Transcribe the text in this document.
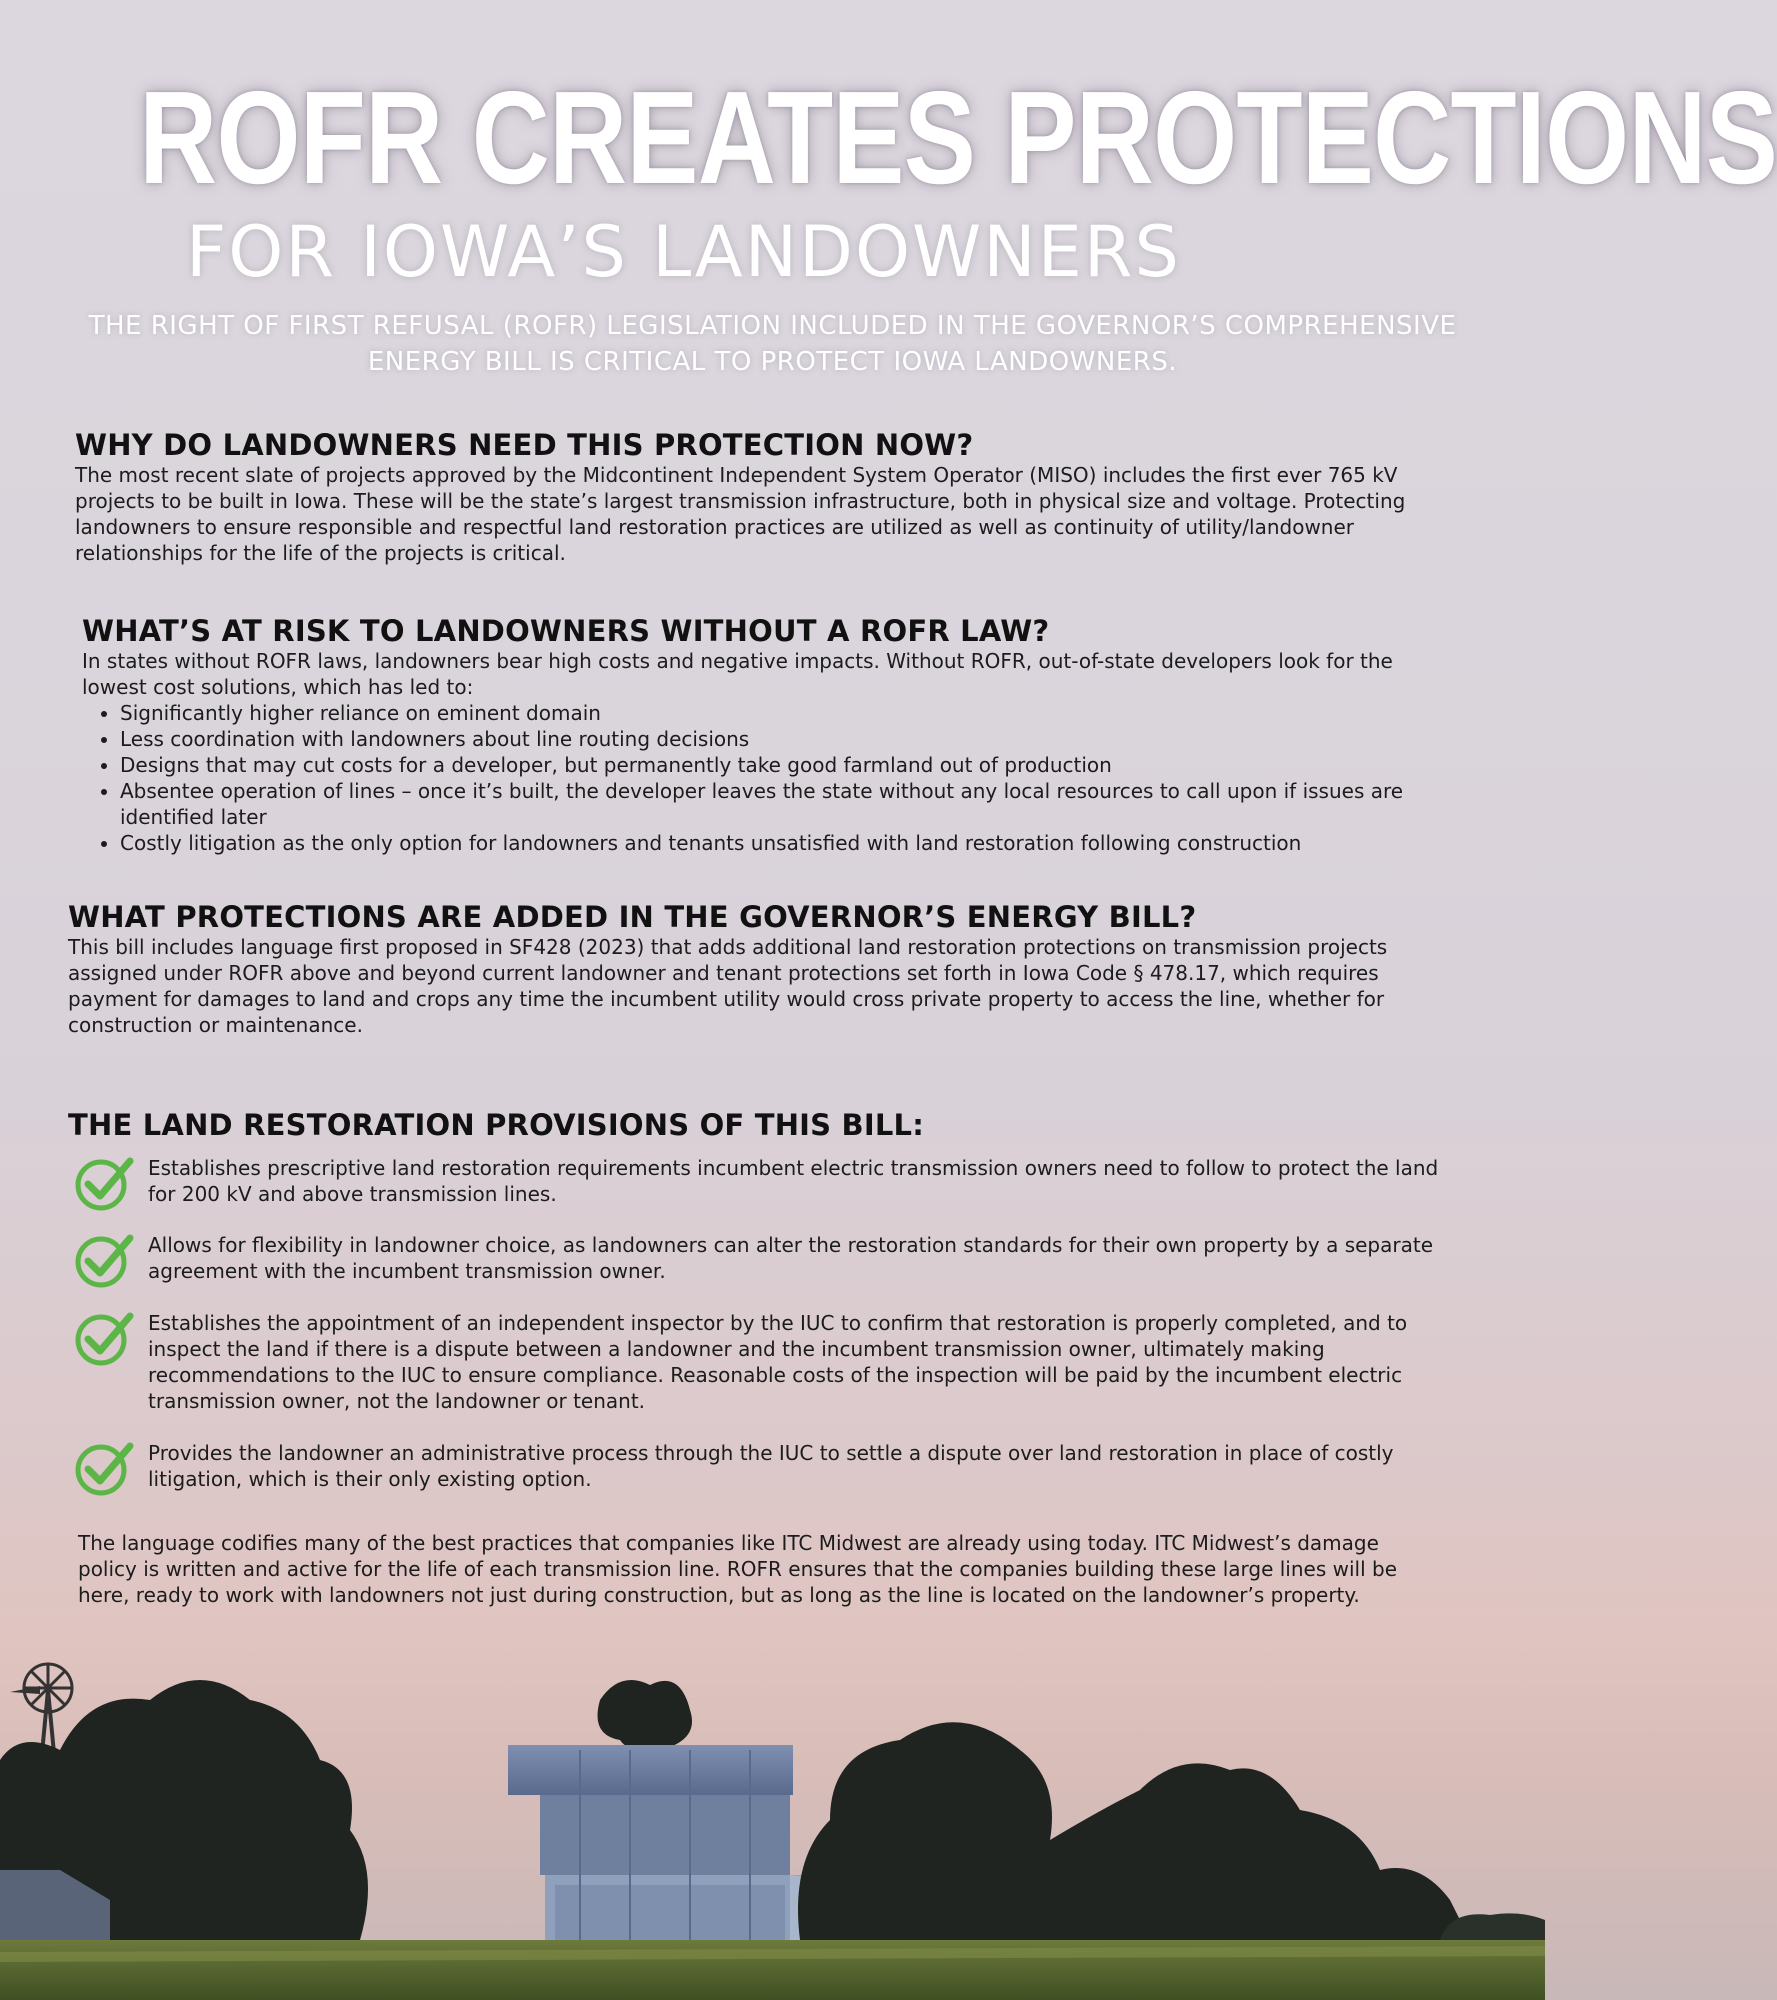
ROFR CREATES PROTECTIONS
FOR IOWA’S LANDOWNERS
THE RIGHT OF FIRST REFUSAL (ROFR) LEGISLATION INCLUDED IN THE GOVERNOR’S COMPREHENSIVE ENERGY BILL IS CRITICAL TO PROTECT IOWA LANDOWNERS.
WHY DO LANDOWNERS NEED THIS PROTECTION NOW?

The most recent slate of projects approved by the Midcontinent Independent System Operator (MISO) includes the first ever 765 kV projects to be built in Iowa. These will be the state’s largest transmission infrastructure, both in physical size and voltage. Protecting landowners to ensure responsible and respectful land restoration practices are utilized as well as continuity of utility/landowner relationships for the life of the projects is critical.

WHAT’S AT RISK TO LANDOWNERS WITHOUT A ROFR LAW?

In states without ROFR laws, landowners bear high costs and negative impacts. Without ROFR, out-of-state developers look for the lowest cost solutions, which has led to:

• Significantly higher reliance on eminent domain
• Less coordination with landowners about line routing decisions
• Designs that may cut costs for a developer, but permanently take good farmland out of production
• Absentee operation of lines – once it’s built, the developer leaves the state without any local resources to call upon if issues are identified later
• Costly litigation as the only option for landowners and tenants unsatisfied with land restoration following construction
WHAT PROTECTIONS ARE ADDED IN THE GOVERNOR’S ENERGY BILL?

This bill includes language first proposed in SF428 (2023) that adds additional land restoration protections on transmission projects assigned under ROFR above and beyond current landowner and tenant protections set forth in Iowa Code § 478.17, which requires payment for damages to land and crops any time the incumbent utility would cross private property to access the line, whether for construction or maintenance.

THE LAND RESTORATION PROVISIONS OF THIS BILL:
Establishes prescriptive land restoration requirements incumbent electric transmission owners need to follow to protect the land for 200 kV and above transmission lines.
Allows for flexibility in landowner choice, as landowners can alter the restoration standards for their own property by a separate agreement with the incumbent transmission owner.
Establishes the appointment of an independent inspector by the IUC to confirm that restoration is properly completed, and to inspect the land if there is a dispute between a landowner and the incumbent transmission owner, ultimately making recommendations to the IUC to ensure compliance. Reasonable costs of the inspection will be paid by the incumbent electric transmission owner, not the landowner or tenant.
Provides the landowner an administrative process through the IUC to settle a dispute over land restoration in place of costly litigation, which is their only existing option.

The language codifies many of the best practices that companies like ITC Midwest are already using today. ITC Midwest’s damage policy is written and active for the life of each transmission line. ROFR ensures that the companies building these large lines will be here, ready to work with landowners not just during construction, but as long as the line is located on the landowner’s property.
